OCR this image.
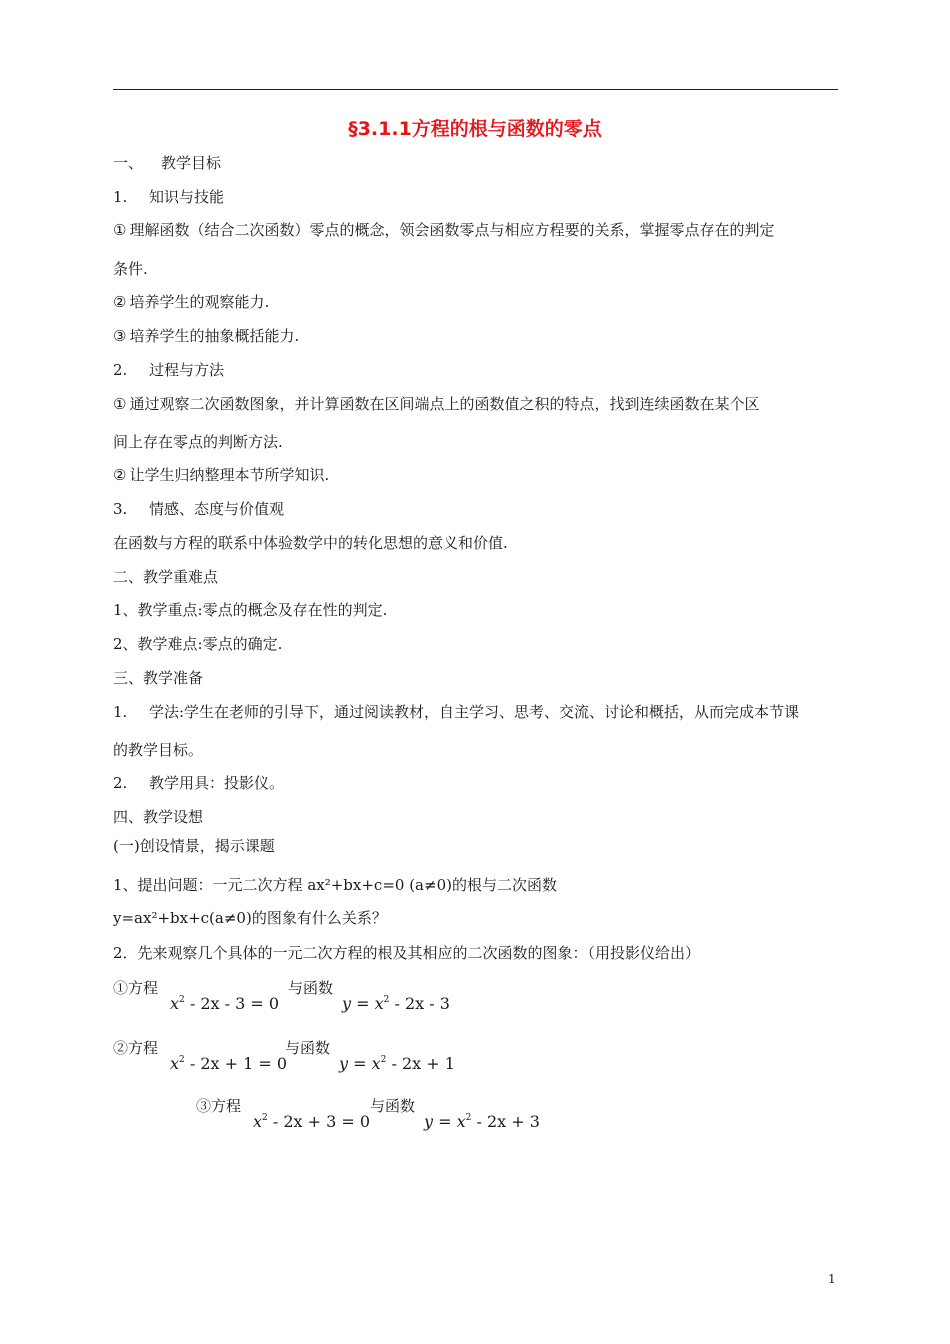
§3.1.1方程的根与函数的零点
一、 教学目标
1. 知识与技能
① 理解函数（结合二次函数）零点的概念，领会函数零点与相应方程要的关系，掌握零点存在的判定
条件.
② 培养学生的观察能力.
③ 培养学生的抽象概括能力.
2. 过程与方法
① 通过观察二次函数图象，并计算函数在区间端点上的函数值之积的特点，找到连续函数在某个区
间上存在零点的判断方法.
② 让学生归纳整理本节所学知识.
3. 情感、态度与价值观
在函数与方程的联系中体验数学中的转化思想的意义和价值.
二、教学重难点
1、教学重点:零点的概念及存在性的判定.
2、教学难点:零点的确定.
三、教学准备
1. 学法:学生在老师的引导下，通过阅读教材，自主学习、思考、交流、讨论和概括，从而完成本节课
的教学目标。
2. 教学用具：投影仪。
四、教学设想
(一)创设情景，揭示课题
1、提出问题：一元二次方程 ax²+bx+c=0 (a≠0)的根与二次函数
y=ax²+bx+c(a≠0)的图象有什么关系？
2．先来观察几个具体的一元二次方程的根及其相应的二次函数的图象：（用投影仪给出）
①方程
$x^2 - 2x - 3 = 0$
与函数
$y = x^2 - 2x - 3$
②方程
$x^2 - 2x + 1 = 0$
与函数
$y = x^2 - 2x + 1$
③方程
$x^2 - 2x + 3 = 0$
与函数
$y = x^2 - 2x + 3$
1
